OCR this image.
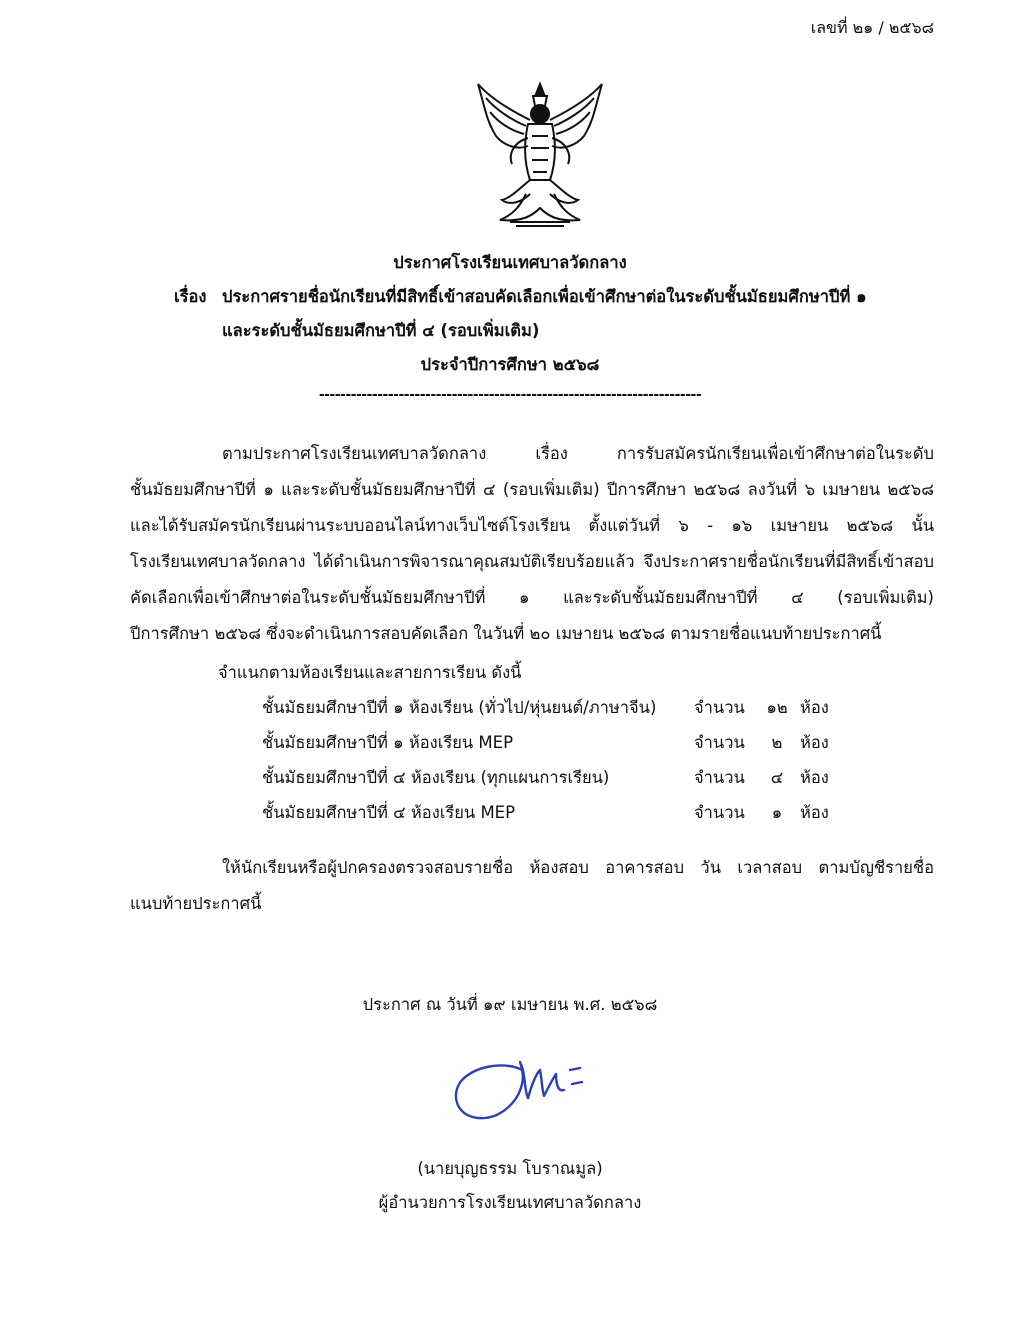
เลขที่ ๒๑ / ๒๕๖๘
ประกาศโรงเรียนเทศบาลวัดกลาง
เรื่อง ประกาศรายชื่อนักเรียนที่มีสิทธิ์เข้าสอบคัดเลือกเพื่อเข้าศึกษาต่อในระดับชั้นมัธยมศึกษาปีที่ ๑
และระดับชั้นมัธยมศึกษาปีที่ ๔ (รอบเพิ่มเติม)
ประจำปีการศึกษา ๒๕๖๘
------------------------------------------------------------------------
ตามประกาศโรงเรียนเทศบาลวัดกลาง เรื่อง การรับสมัครนักเรียนเพื่อเข้าศึกษาต่อในระดับ
ชั้นมัธยมศึกษาปีที่ ๑ และระดับชั้นมัธยมศึกษาปีที่ ๔ (รอบเพิ่มเติม) ปีการศึกษา ๒๕๖๘ ลงวันที่ ๖ เมษายน ๒๕๖๘
และได้รับสมัครนักเรียนผ่านระบบออนไลน์ทางเว็บไซต์โรงเรียน ตั้งแต่วันที่ ๖ - ๑๖ เมษายน ๒๕๖๘ นั้น
โรงเรียนเทศบาลวัดกลาง ได้ดำเนินการพิจารณาคุณสมบัติเรียบร้อยแล้ว จึงประกาศรายชื่อนักเรียนที่มีสิทธิ์เข้าสอบ
คัดเลือกเพื่อเข้าศึกษาต่อในระดับชั้นมัธยมศึกษาปีที่ ๑ และระดับชั้นมัธยมศึกษาปีที่ ๔ (รอบเพิ่มเติม)
ปีการศึกษา ๒๕๖๘ ซึ่งจะดำเนินการสอบคัดเลือก ในวันที่ ๒๐ เมษายน ๒๕๖๘ ตามรายชื่อแนบท้ายประกาศนี้
จำแนกตามห้องเรียนและสายการเรียน ดังนี้
ชั้นมัธยมศึกษาปีที่ ๑ ห้องเรียน (ทั่วไป/หุ่นยนต์/ภาษาจีน)	จำนวน	๑๒ ห้อง
ชั้นมัธยมศึกษาปีที่ ๑ ห้องเรียน MEP	จำนวน	๒	ห้อง
ชั้นมัธยมศึกษาปีที่ ๔ ห้องเรียน (ทุกแผนการเรียน)	จำนวน	๔	ห้อง
ชั้นมัธยมศึกษาปีที่ ๔ ห้องเรียน MEP	จำนวน	๑	ห้อง
ให้นักเรียนหรือผู้ปกครองตรวจสอบรายชื่อ ห้องสอบ อาคารสอบ วัน เวลาสอบ ตามบัญชีรายชื่อ
แนบท้ายประกาศนี้
ประกาศ ณ วันที่ ๑๙ เมษายน พ.ศ. ๒๕๖๘
(นายบุญธรรม โบราณมูล)
ผู้อำนวยการโรงเรียนเทศบาลวัดกลาง
